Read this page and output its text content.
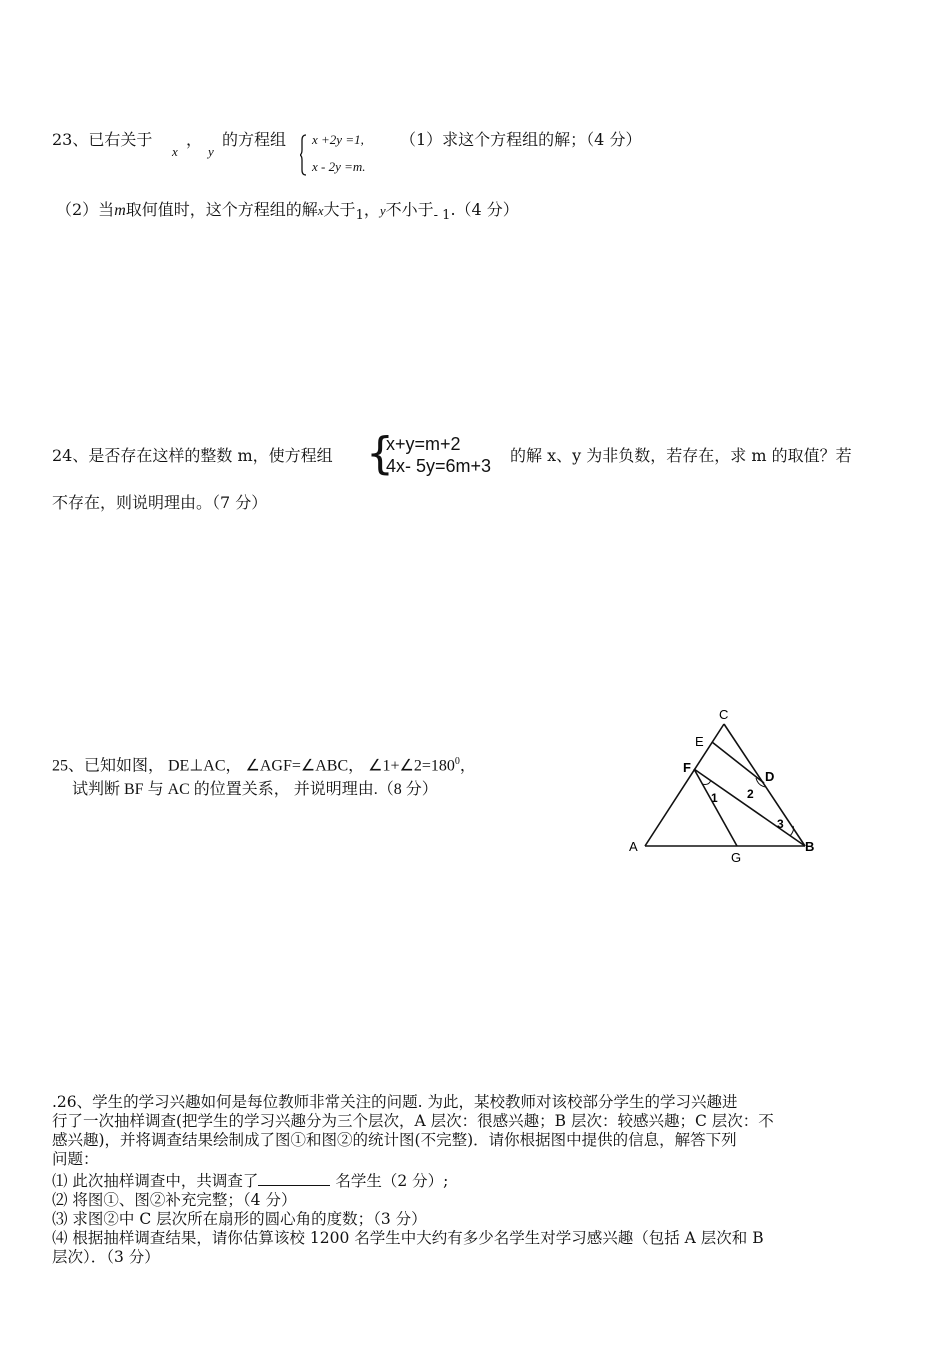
23、已右关于
x
，
y
的方程组 x +2y =1,
x - 2y =m.
（1）求这个方程组的解；（4 分）
（2）当m取何值时，这个方程组的解x大于$_1$，y不小于$_{- 1}$.（4 分）
24、是否存在这样的整数 m，使方程组 {
x+y=m+2
4x- 5y=6m+3
的解 x、y 为非负数，若存在，求 m 的取值？若
不存在，则说明理由。（7 分）
25、已知如图， DE⊥AC， ∠AGF=∠ABC， $\angle 1+\angle 2=180^0$，
试判断 BF 与 AC 的位置关系， 并说明理由.（8 分）
C
E
F
D
A
G
B
1 2
3
.26、学生的学习兴趣如何是每位教师非常关注的问题. 为此，某校教师对该校部分学生的学习兴趣进
行了一次抽样调查(把学生的学习兴趣分为三个层次，A 层次：很感兴趣；B 层次：较感兴趣；C 层次：不
感兴趣)，并将调查结果绘制成了图①和图②的统计图(不完整)．请你根据图中提供的信息，解答下列
问题：
⑴ 此次抽样调查中，共调查了	名学生（2 分）;
⑵ 将图①、图②补充完整；（4 分）
⑶ 求图②中 C 层次所在扇形的圆心角的度数；（3 分）
⑷ 根据抽样调查结果，请你估算该校 1200 名学生中大约有多少名学生对学习感兴趣（包括 A 层次和 B
层次）．（3 分）
